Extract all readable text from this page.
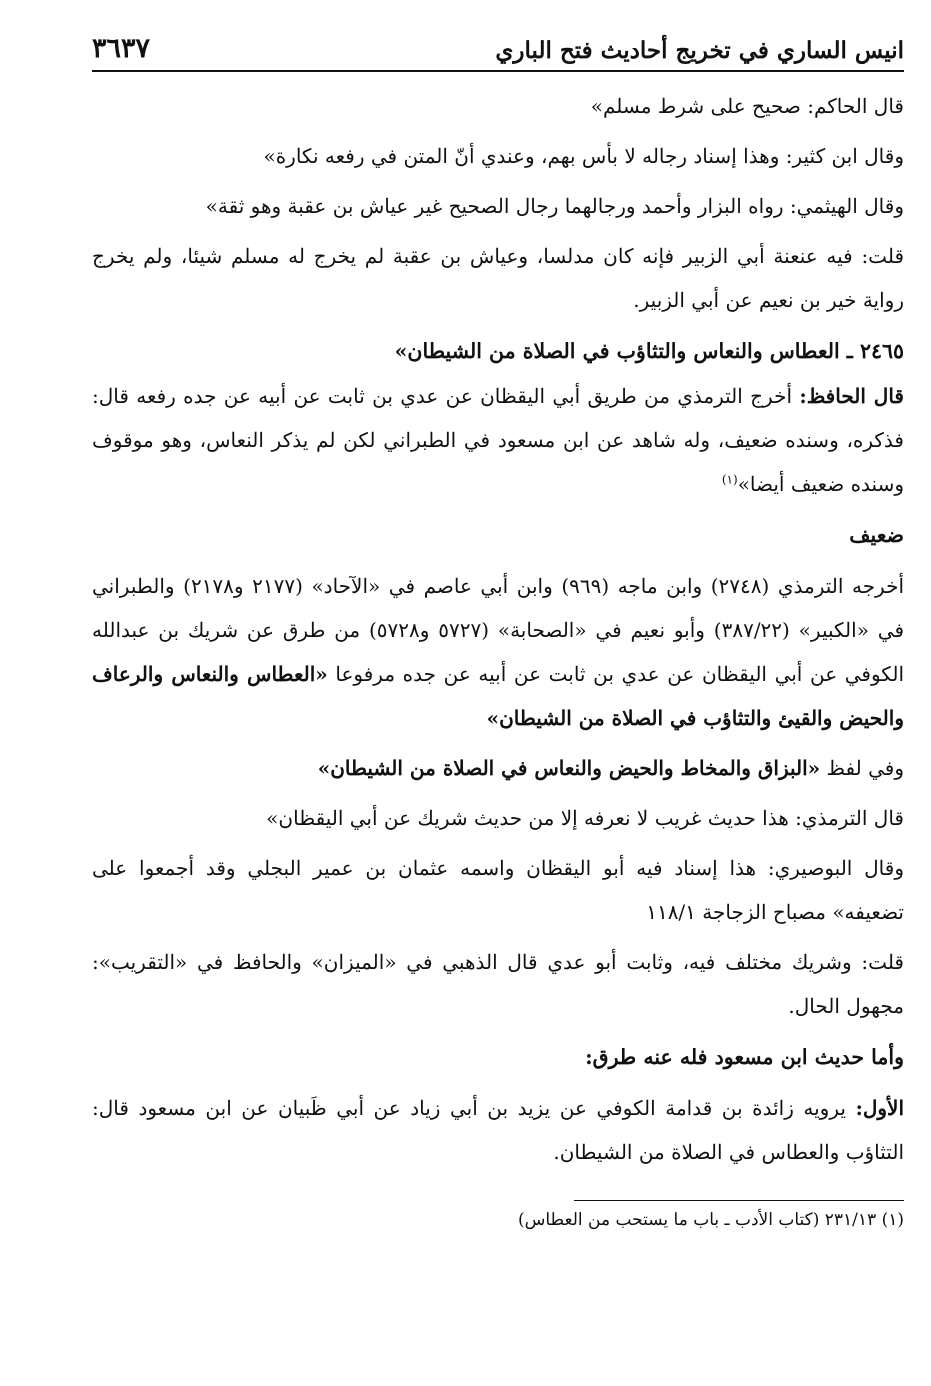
انيس الساري في تخريج أحاديث فتح الباري
٣٦٣٧

قال الحاكم: صحيح على شرط مسلم»

وقال ابن كثير: وهذا إسناد رجاله لا بأس بهم، وعندي أنّ المتن في رفعه نكارة»

وقال الهيثمي: رواه البزار وأحمد ورجالهما رجال الصحيح غير عياش بن عقبة وهو ثقة»

قلت: فيه عنعنة أبي الزبير فإنه كان مدلسا، وعياش بن عقبة لم يخرج له مسلم شيئا، ولم يخرج رواية خير بن نعيم عن أبي الزبير.

٢٤٦٥ ـ العطاس والنعاس والتثاؤب في الصلاة من الشيطان»

قال الحافظ: أخرج الترمذي من طريق أبي اليقظان عن عدي بن ثابت عن أبيه عن جده رفعه قال: فذكره، وسنده ضعيف، وله شاهد عن ابن مسعود في الطبراني لكن لم يذكر النعاس، وهو موقوف وسنده ضعيف أيضا»$^{(١)}$

ضعيف

أخرجه الترمذي (٢٧٤٨) وابن ماجه (٩٦٩) وابن أبي عاصم في «الآحاد» (٢١٧٧ و٢١٧٨) والطبراني في «الكبير» (٣٨٧/٢٢) وأبو نعيم في «الصحابة» (٥٧٢٧ و٥٧٢٨) من طرق عن شريك بن عبدالله الكوفي عن أبي اليقظان عن عدي بن ثابت عن أبيه عن جده مرفوعا «العطاس والنعاس والرعاف والحيض والقيئ والتثاؤب في الصلاة من الشيطان»

وفي لفظ «البزاق والمخاط والحيض والنعاس في الصلاة من الشيطان»

قال الترمذي: هذا حديث غريب لا نعرفه إلا من حديث شريك عن أبي اليقظان»

وقال البوصيري: هذا إسناد فيه أبو اليقظان واسمه عثمان بن عمير البجلي وقد أجمعوا على تضعيفه» مصباح الزجاجة ١١٨/١

قلت: وشريك مختلف فيه، وثابت أبو عدي قال الذهبي في «الميزان» والحافظ في «التقريب»: مجهول الحال.

وأما حديث ابن مسعود فله عنه طرق:

الأول: يرويه زائدة بن قدامة الكوفي عن يزيد بن أبي زياد عن أبي ظَبيان عن ابن مسعود قال: التثاؤب والعطاس في الصلاة من الشيطان.

(١) ٢٣١/١٣ (كتاب الأدب ـ باب ما يستحب من العطاس)
